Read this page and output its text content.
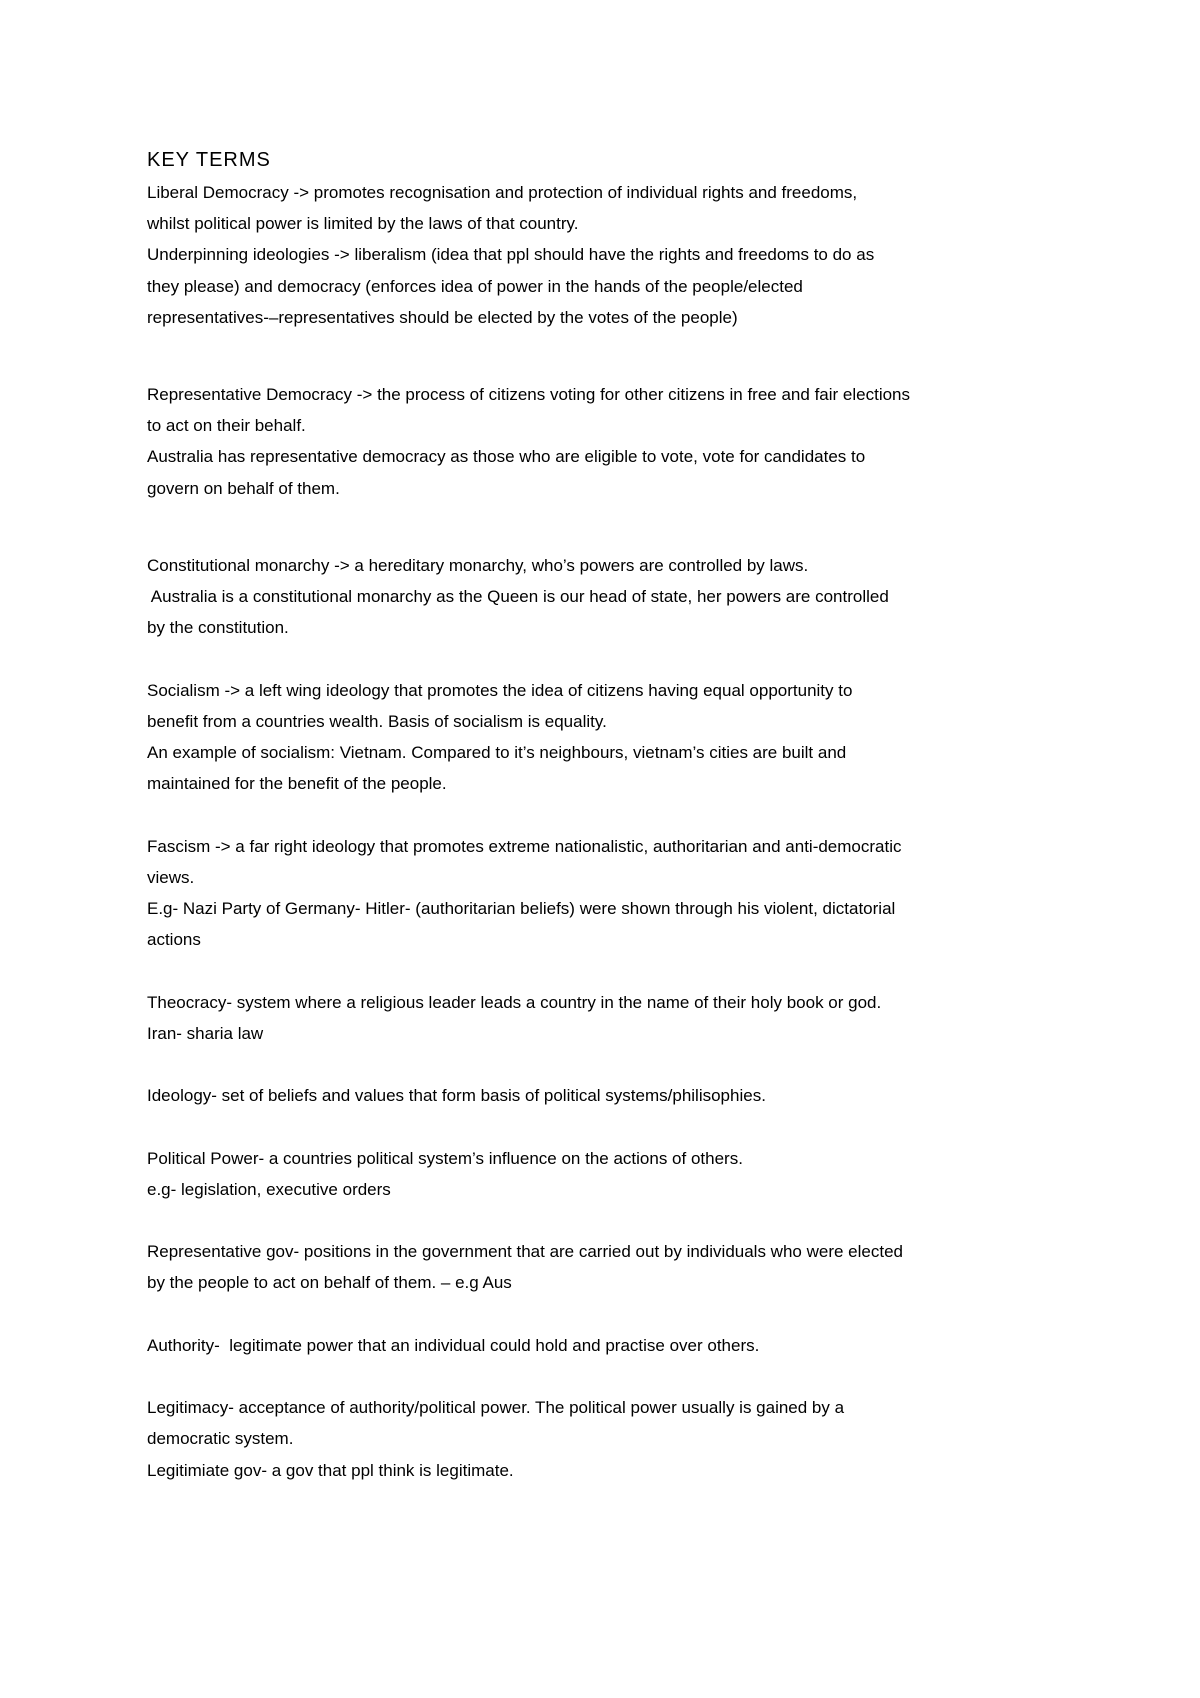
KEY TERMS

Liberal Democracy -> promotes recognisation and protection of individual rights and freedoms,

whilst political power is limited by the laws of that country.

Underpinning ideologies -> liberalism (idea that ppl should have the rights and freedoms to do as

they please) and democracy (enforces idea of power in the hands of the people/elected

representatives-–representatives should be elected by the votes of the people)

Representative Democracy -> the process of citizens voting for other citizens in free and fair elections

to act on their behalf.

Australia has representative democracy as those who are eligible to vote, vote for candidates to

govern on behalf of them.

Constitutional monarchy -> a hereditary monarchy, who’s powers are controlled by laws.

Australia is a constitutional monarchy as the Queen is our head of state, her powers are controlled

by the constitution.

Socialism -> a left wing ideology that promotes the idea of citizens having equal opportunity to

benefit from a countries wealth. Basis of socialism is equality.

An example of socialism: Vietnam. Compared to it’s neighbours, vietnam’s cities are built and

maintained for the benefit of the people.

Fascism -> a far right ideology that promotes extreme nationalistic, authoritarian and anti-democratic

views.

E.g- Nazi Party of Germany- Hitler- (authoritarian beliefs) were shown through his violent, dictatorial

actions

Theocracy- system where a religious leader leads a country in the name of their holy book or god.

Iran- sharia law

Ideology- set of beliefs and values that form basis of political systems/philisophies.

Political Power- a countries political system’s influence on the actions of others.

e.g- legislation, executive orders

Representative gov- positions in the government that are carried out by individuals who were elected

by the people to act on behalf of them. – e.g Aus

Authority-  legitimate power that an individual could hold and practise over others.

Legitimacy- acceptance of authority/political power. The political power usually is gained by a

democratic system.

Legitimiate gov- a gov that ppl think is legitimate.
